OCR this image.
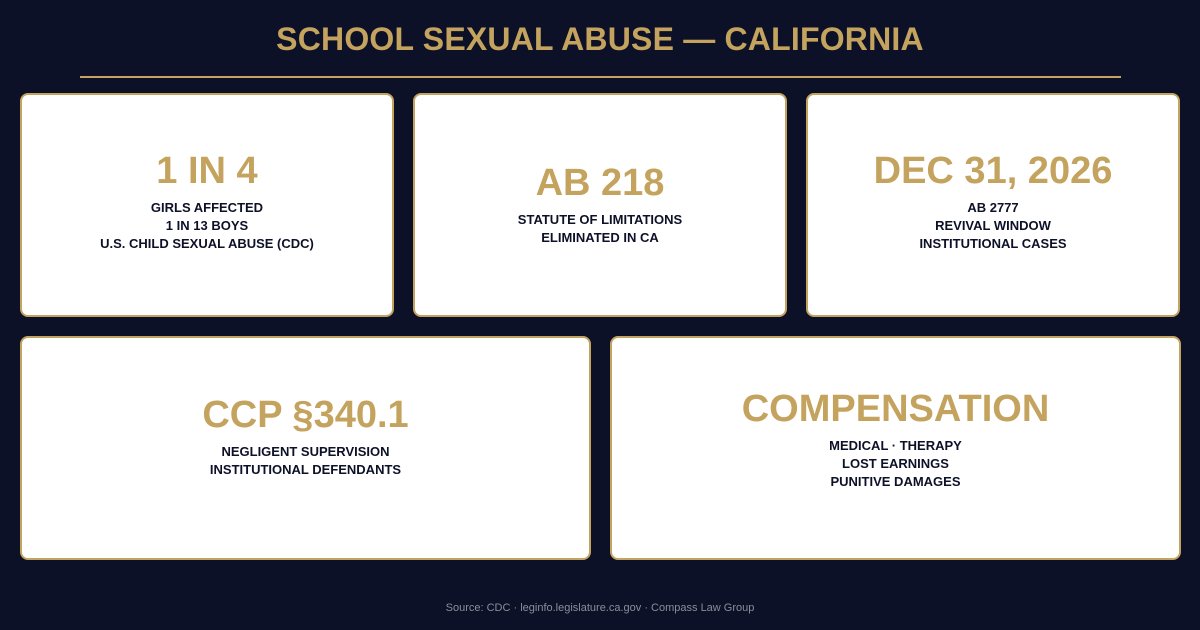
SCHOOL SEXUAL ABUSE — CALIFORNIA
1 IN 4
GIRLS AFFECTED
1 IN 13 BOYS
U.S. CHILD SEXUAL ABUSE (CDC)
AB 218
STATUTE OF LIMITATIONS
ELIMINATED IN CA
DEC 31, 2026
AB 2777
REVIVAL WINDOW
INSTITUTIONAL CASES
CCP §340.1
NEGLIGENT SUPERVISION
INSTITUTIONAL DEFENDANTS
COMPENSATION
MEDICAL · THERAPY
LOST EARNINGS
PUNITIVE DAMAGES
Source: CDC · leginfo.legislature.ca.gov · Compass Law Group
